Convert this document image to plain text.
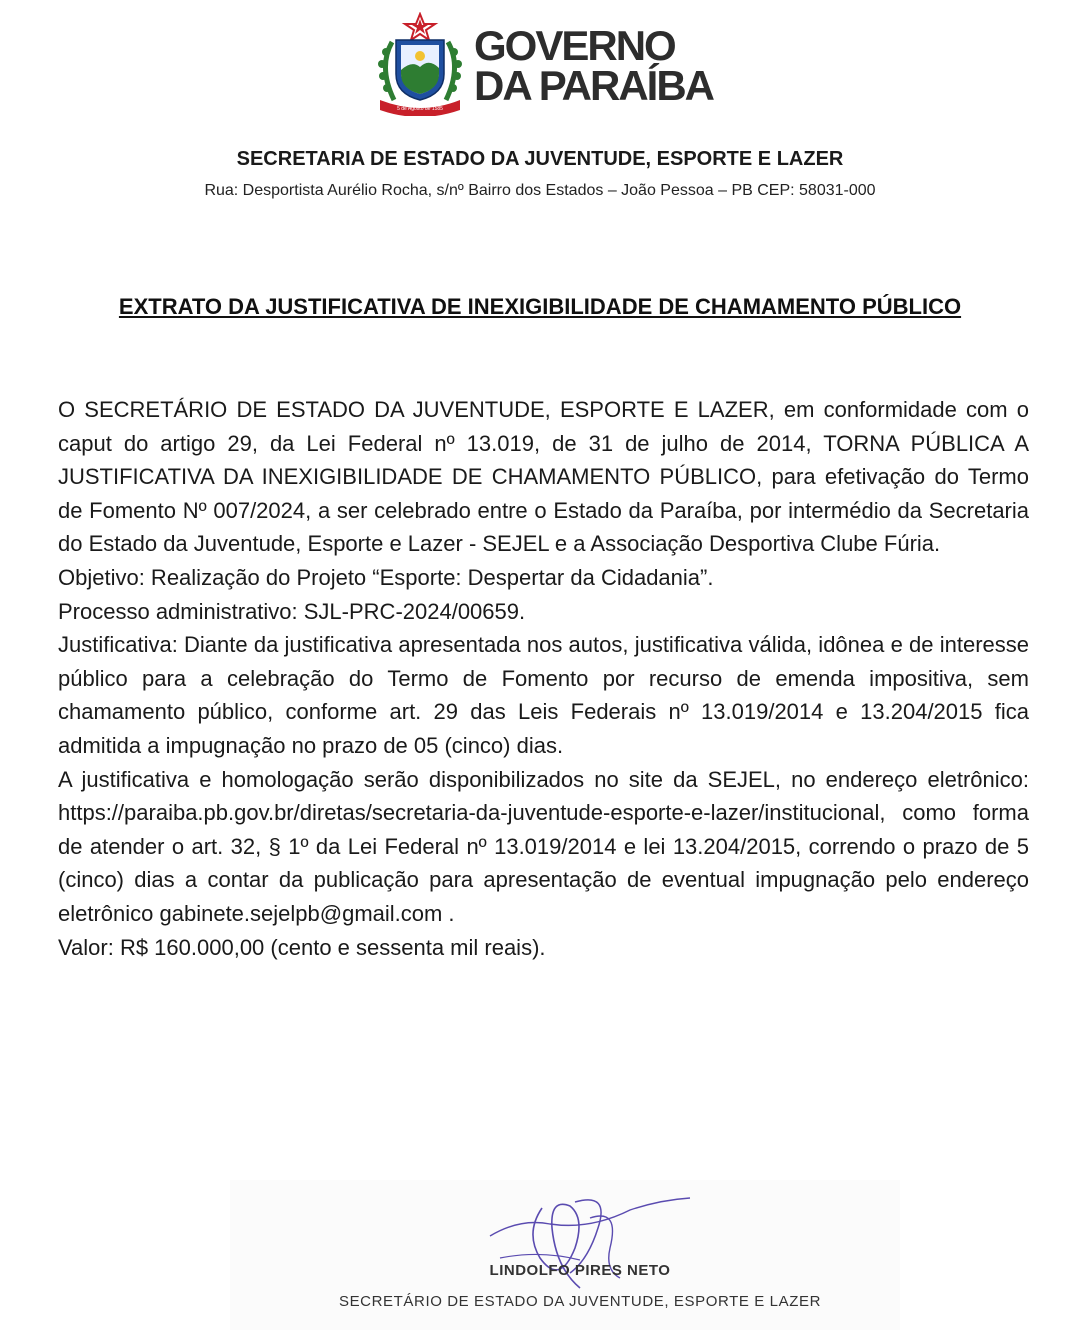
5 de Agosto de 1585
GOVERNO
DA PARAÍBA
SECRETARIA DE ESTADO DA JUVENTUDE, ESPORTE E LAZER
Rua: Desportista Aurélio Rocha, s/nº Bairro dos Estados – João Pessoa – PB CEP: 58031-000
EXTRATO DA JUSTIFICATIVA DE INEXIGIBILIDADE DE CHAMAMENTO PÚBLICO

O SECRETÁRIO DE ESTADO DA JUVENTUDE, ESPORTE E LAZER, em conformidade com o caput do artigo 29, da Lei Federal nº 13.019, de 31 de julho de 2014, TORNA PÚBLICA A JUSTIFICATIVA DA INEXIGIBILIDADE DE CHAMAMENTO PÚBLICO, para efetivação do Termo de Fomento Nº 007/2024, a ser celebrado entre o Estado da Paraíba, por intermédio da Secretaria do Estado da Juventude, Esporte e Lazer - SEJEL e a Associação Desportiva Clube Fúria.

Objetivo: Realização do Projeto “Esporte: Despertar da Cidadania”.

Processo administrativo: SJL-PRC-2024/00659.

Justificativa: Diante da justificativa apresentada nos autos, justificativa válida, idônea e de interesse público para a celebração do Termo de Fomento por recurso de emenda impositiva, sem chamamento público, conforme art. 29 das Leis Federais nº 13.019/2014 e 13.204/2015 fica admitida a impugnação no prazo de 05 (cinco) dias.

A justificativa e homologação serão disponibilizados no site da SEJEL, no endereço eletrônico: https://paraiba.pb.gov.br/diretas/secretaria-da-juventude-esporte-e-lazer/institucional, como forma de atender o art. 32, § 1º da Lei Federal nº 13.019/2014 e lei 13.204/2015, correndo o prazo de 5 (cinco) dias a contar da publicação para apresentação de eventual impugnação pelo endereço eletrônico gabinete.sejelpb@gmail.com .

Valor: R$ 160.000,00 (cento e sessenta mil reais).

LINDOLFO PIRES NETO
SECRETÁRIO DE ESTADO DA JUVENTUDE, ESPORTE E LAZER
